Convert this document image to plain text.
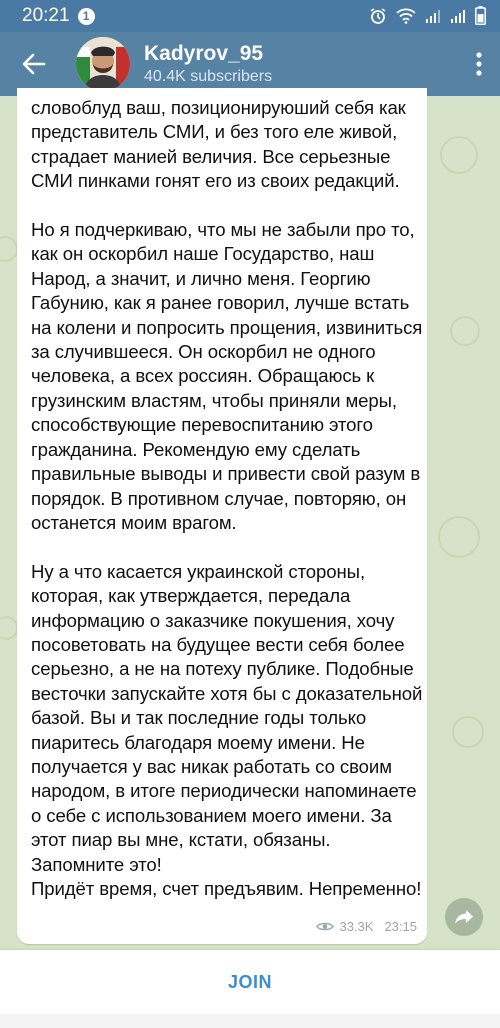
20:21	1
Kadyrov_95
40.4K subscribers
словоблуд ваш, позиционируюший себя как представитель СМИ, и без того еле живой, страдает манией величия. Все серьезные СМИ пинками гонят его из своих редакций.

Но я подчеркиваю, что мы не забыли про то, как он оскорбил наше Государство, наш Народ, а значит, и лично меня. Георгию Габунию, как я ранее говорил, лучше встать на колени и попросить прощения, извиниться за случившееся. Он оскорбил не одного человека, а всех россиян. Обращаюсь к грузинским властям, чтобы приняли меры, способствующие перевоспитанию этого гражданина. Рекомендую ему сделать правильные выводы и привести свой разум в порядок. В противном случае, повторяю, он останется моим врагом.

Ну а что касается украинской стороны, которая, как утверждается, передала информацию о заказчике покушения, хочу посоветовать на будущее вести себя более серьезно, а не на потеху публике. Подобные весточки запускайте хотя бы с доказательной базой. Вы и так последние годы только пиаритесь благодаря моему имени. Не получается у вас никак работать со своим народом, в итоге периодически напоминаете о себе с использованием моего имени. За этот пиар вы мне, кстати, обязаны. Запомните это!
Придёт время, счет предъявим. Непременно!
33.3K 23:15
JOIN
